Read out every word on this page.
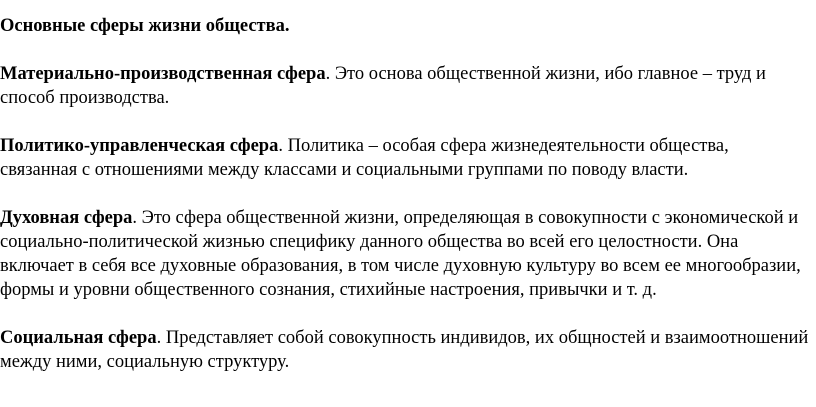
Основные сферы жизни общества.

Материально-производственная сфера. Это основа общественной жизни, ибо главное – труд и способ производства.

Политико-управленческая сфера. Политика – особая сфера жизнедеятельности общества, связанная с отношениями между классами и социальными группами по поводу власти.

Духовная сфера. Это сфера общественной жизни, определяющая в совокупности с экономической и социально-политической жизнью специфику данного общества во всей его целостности. Она включает в себя все духовные образования, в том числе духовную культуру во всем ее многообразии, формы и уровни общественного сознания, стихийные настроения, привычки и т. д.

Социальная сфера. Представляет собой совокупность индивидов, их общностей и взаимоотношений между ними, социальную структуру.
